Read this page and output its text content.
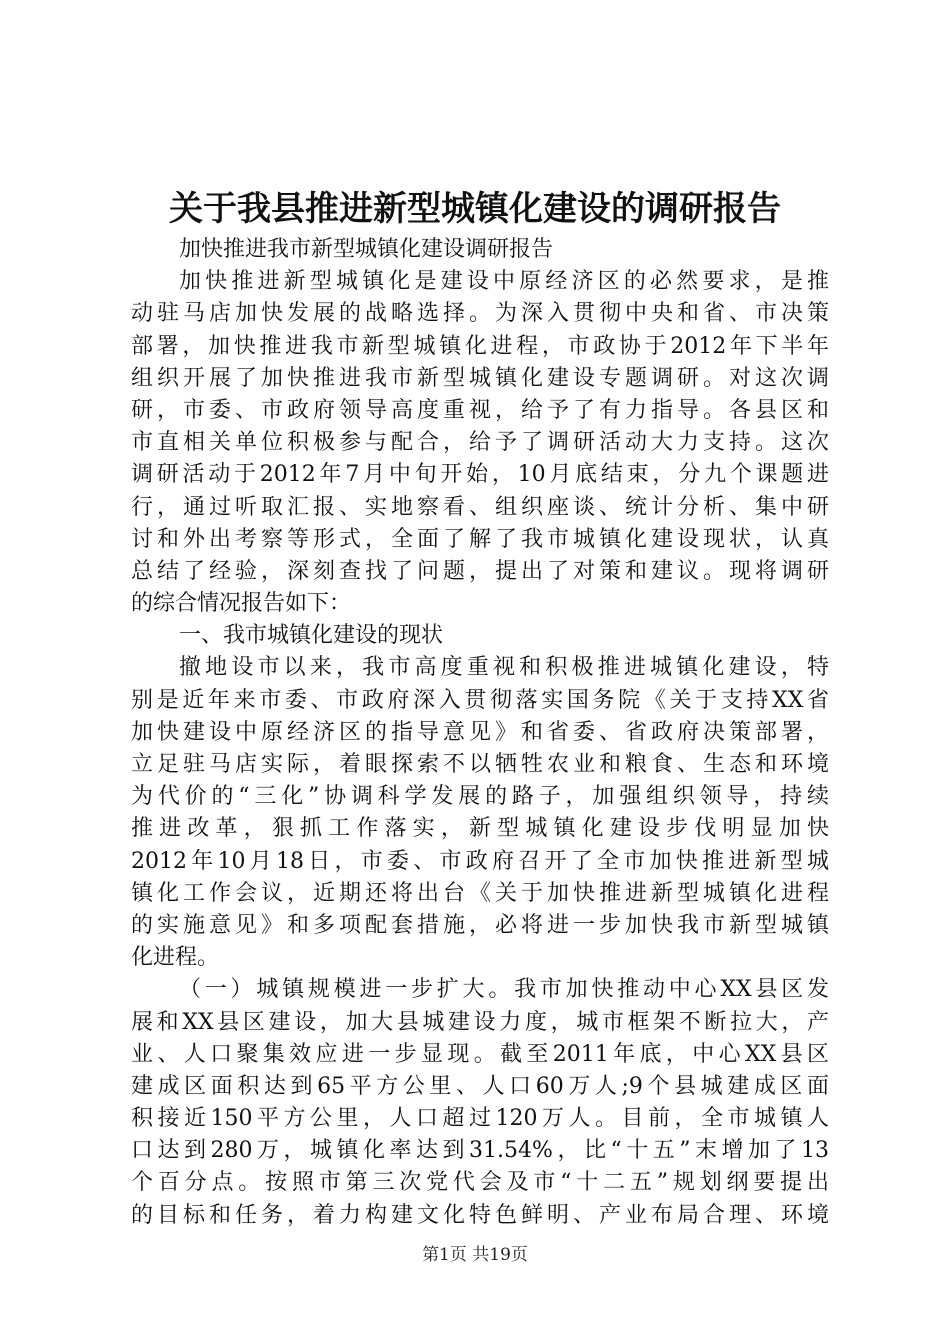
关于我县推进新型城镇化建设的调研报告
加快推进我市新型城镇化建设调研报告
加快推进新型城镇化是建设中原经济区的必然要求，是推
动驻马店加快发展的战略选择。为深入贯彻中央和省、市决策
部署，加快推进我市新型城镇化进程，市政协于2012年下半年
组织开展了加快推进我市新型城镇化建设专题调研。对这次调
研，市委、市政府领导高度重视，给予了有力指导。各县区和
市直相关单位积极参与配合，给予了调研活动大力支持。这次
调研活动于2012年7月中旬开始，10月底结束，分九个课题进
行，通过听取汇报、实地察看、组织座谈、统计分析、集中研
讨和外出考察等形式，全面了解了我市城镇化建设现状，认真
总结了经验，深刻查找了问题，提出了对策和建议。现将调研
的综合情况报告如下：
一、我市城镇化建设的现状
撤地设市以来，我市高度重视和积极推进城镇化建设，特
别是近年来市委、市政府深入贯彻落实国务院《关于支持XX省
加快建设中原经济区的指导意见》和省委、省政府决策部署，
立足驻马店实际，着眼探索不以牺牲农业和粮食、生态和环境
为代价的“三化”协调科学发展的路子，加强组织领导，持续
推进改革，狠抓工作落实，新型城镇化建设步伐明显加快
2012年10月18日，市委、市政府召开了全市加快推进新型城
镇化工作会议，近期还将出台《关于加快推进新型城镇化进程
的实施意见》和多项配套措施，必将进一步加快我市新型城镇
化进程。
（一）城镇规模进一步扩大。我市加快推动中心XX县区发
展和XX县区建设，加大县城建设力度，城市框架不断拉大，产
业、人口聚集效应进一步显现。截至2011年底，中心XX县区
建成区面积达到65平方公里、人口60万人;9个县城建成区面
积接近150平方公里，人口超过120万人。目前，全市城镇人
口达到280万，城镇化率达到31.54%，比“十五”末增加了13
个百分点。按照市第三次党代会及市“十二五”规划纲要提出
的目标和任务，着力构建文化特色鲜明、产业布局合理、环境
第1页 共19页
